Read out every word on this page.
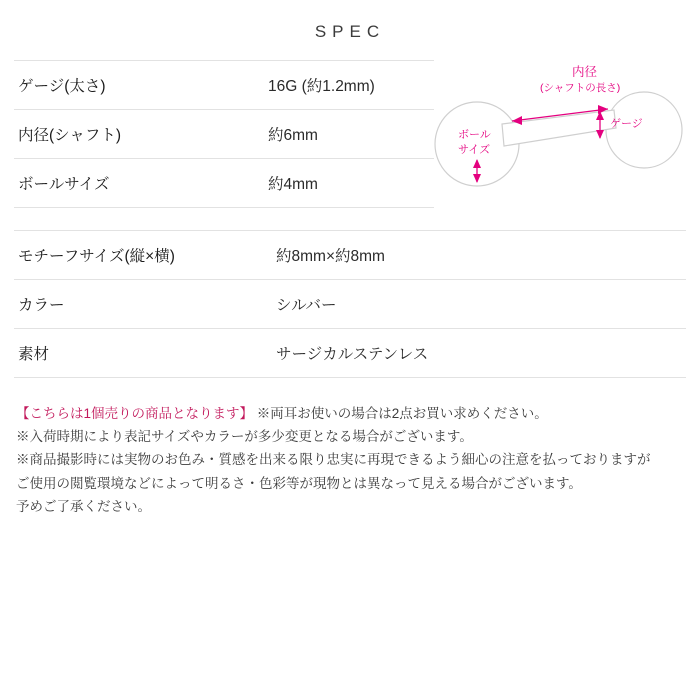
SPEC
ゲージ(太さ)	16G (約1.2mm)
内径(シャフト)	約6mm
ボールサイズ	約4mm
内径
(シャフトの長さ)
ゲージ
ボール
サイズ
モチーフサイズ(縦×横)	約8mm×約8mm
カラー	シルバー
素材	サージカルステンレス
【こちらは1個売りの商品となります】 ※両耳お使いの場合は2点お買い求めください。
※入荷時期により表記サイズやカラーが多少変更となる場合がございます。
※商品撮影時には実物のお色み・質感を出来る限り忠実に再現できるよう細心の注意を払っておりますが
ご使用の閲覧環境などによって明るさ・色彩等が現物とは異なって見える場合がございます。
予めご了承ください。
